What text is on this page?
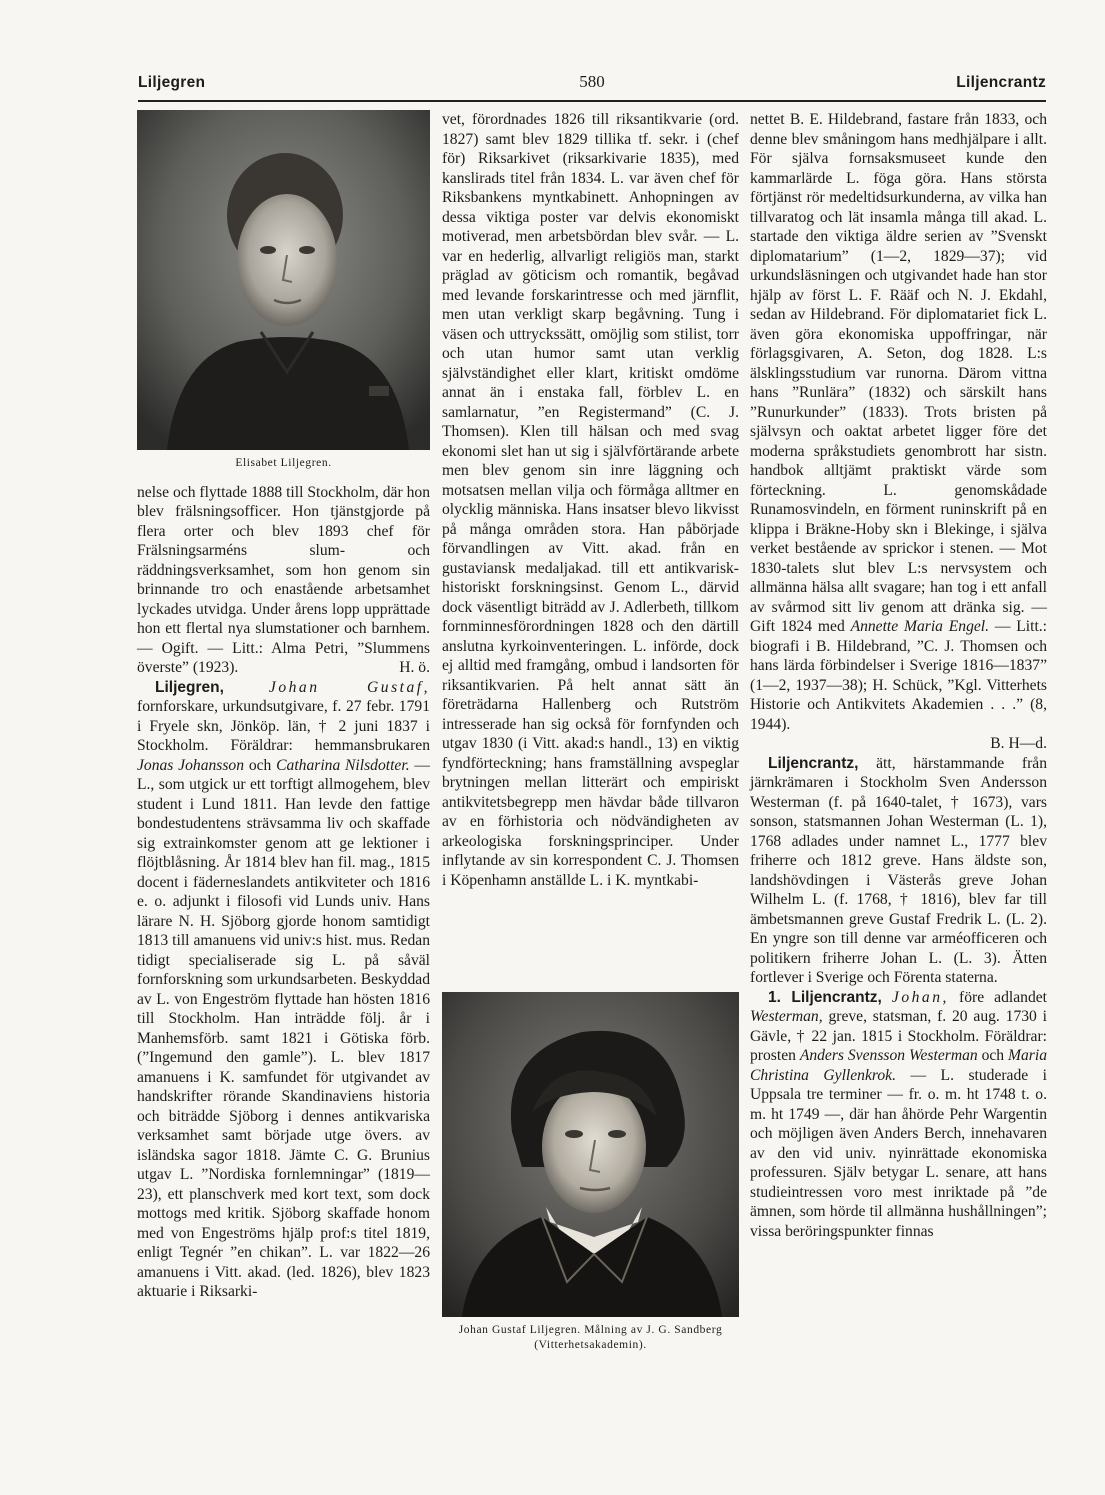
Liljegren	580	Liljencrantz
Elisabet Liljegren.

nelse och flyttade 1888 till Stockholm, där hon blev frälsningsofficer. Hon tjänstgjorde på flera orter och blev 1893 chef för Frälsningsarméns slum- och räddningsverksamhet, som hon genom sin brinnande tro och enastående arbetsamhet lyckades utvidga. Under årens lopp upprättade hon ett flertal nya slumstationer och barnhem. — Ogift. — Litt.: Alma Petri, ”Slummens överste” (1923).	H. ö.

Liljegren,	Johan Gustaf, fornforskare, urkundsutgivare, f. 27 febr. 1791 i Fryele skn, Jönköp. län, † 2 juni 1837 i Stockholm. Föräldrar: hemmansbrukaren Jonas Johansson och Catharina Nilsdotter. — L., som utgick ur ett torftigt allmogehem, blev student i Lund 1811. Han levde den fattige bondestudentens strävsamma liv och skaffade sig extrainkomster genom att ge lektioner i flöjtblåsning. År 1814 blev han fil. mag., 1815 docent i fäderneslandets antikviteter och 1816 e. o. adjunkt i filosofi vid Lunds univ. Hans lärare N. H. Sjöborg gjorde honom samtidigt 1813 till amanuens vid univ:s hist. mus. Redan tidigt specialiserade sig L. på såväl fornforskning som urkundsarbeten. Beskyddad av L. von Engeström flyttade han hösten 1816 till Stockholm. Han inträdde följ. år i Manhemsförb. samt 1821 i Götiska förb. (”Ingemund den gamle”). L. blev 1817 amanuens i K. samfundet för utgivandet av handskrifter rörande Skandinaviens historia och biträdde Sjöborg i dennes antikvariska verksamhet samt började utge övers. av isländska sagor 1818. Jämte C. G. Brunius utgav L. ”Nordiska fornlemningar” (1819—23), ett planschverk med kort text, som dock mottogs med kritik. Sjöborg skaffade honom med von Engeströms hjälp prof:s titel 1819, enligt Tegnér ”en chikan”. L. var 1822—26 amanuens i Vitt. akad. (led. 1826), blev 1823 aktuarie i Riksarki-

vet, förordnades 1826 till riksantikvarie (ord. 1827) samt blev 1829 tillika tf. sekr. i (chef för) Riksarkivet (riksarkivarie 1835), med kanslirads titel från 1834. L. var även chef för Riksbankens myntkabinett. Anhopningen av dessa viktiga poster var delvis ekonomiskt motiverad, men arbetsbördan blev svår. — L. var en hederlig, allvarligt religiös man, starkt präglad av göticism och romantik, begåvad med levande forskarintresse och med järnflit, men utan verkligt skarp begåvning. Tung i väsen och uttryckssätt, omöjlig som stilist, torr och utan humor samt utan verklig självständighet eller klart, kritiskt omdöme annat än i enstaka fall, förblev L. en samlarnatur, ”en Registermand” (C. J. Thomsen). Klen till hälsan och med svag ekonomi slet han ut sig i självförtärande arbete men blev genom sin inre läggning och motsatsen mellan vilja och förmåga alltmer en olycklig människa. Hans insatser blevo likvisst på många områden stora. Han påbörjade förvandlingen av Vitt. akad. från en gustaviansk medaljakad. till ett antikvarisk-historiskt forskningsinst. Genom L., därvid dock väsentligt biträdd av J. Adlerbeth, tillkom fornminnesförordningen 1828 och den därtill anslutna kyrkoinventeringen. L. införde, dock ej alltid med framgång, ombud i landsorten för riksantikvarien. På helt annat sätt än företrädarna Hallenberg och Rutström intresserade han sig också för fornfynden och utgav 1830 (i Vitt. akad:s handl., 13) en viktig fyndförteckning; hans framställning avspeglar brytningen mellan litterärt och empiriskt antikvitetsbegrepp men hävdar både tillvaron av en förhistoria och nödvändigheten av arkeologiska forskningsprinciper. Under inflytande av sin korrespondent C. J. Thomsen i Köpenhamn anställde L. i K. myntkabi-

Johan Gustaf Liljegren. Målning av J. G. Sandberg (Vitterhetsakademin).

nettet B. E. Hildebrand, fastare från 1833, och denne blev småningom hans medhjälpare i allt. För själva fornsaksmuseet kunde den kammarlärde L. föga göra. Hans största förtjänst rör medeltidsurkunderna, av vilka han tillvaratog och lät insamla många till akad. L. startade den viktiga äldre serien av ”Svenskt diplomatarium” (1—2, 1829—37); vid urkundsläsningen och utgivandet hade han stor hjälp av först L. F. Rääf och N. J. Ekdahl, sedan av Hildebrand. För diplomatariet fick L. även göra ekonomiska uppoffringar, när förlagsgivaren, A. Seton, dog 1828. L:s älsklingsstudium var runorna. Därom vittna hans ”Runlära” (1832) och särskilt hans ”Runurkunder” (1833). Trots bristen på självsyn och oaktat arbetet ligger före det moderna språkstudiets genombrott har sistn. handbok alltjämt praktiskt värde som förteckning. L. genomskådade Runamosvindeln, en förment runinskrift på en klippa i Bräkne-Hoby skn i Blekinge, i själva verket bestående av sprickor i stenen. — Mot 1830-talets slut blev L:s nervsystem och allmänna hälsa allt svagare; han tog i ett anfall av svårmod sitt liv genom att dränka sig. — Gift 1824 med Annette Maria Engel. — Litt.: biografi i B. Hildebrand, ”C. J. Thomsen och hans lärda förbindelser i Sverige 1816—1837” (1—2, 1937—38); H. Schück, ”Kgl. Vitterhets Historie och Antikvitets Akademien . . .” (8, 1944).

B. H—d.

Liljencrantz, ätt, härstammande från järnkrämaren i Stockholm Sven Andersson Westerman (f. på 1640-talet, † 1673), vars sonson, statsmannen Johan Westerman (L. 1), 1768 adlades under namnet L., 1777 blev friherre och 1812 greve. Hans äldste son, landshövdingen i Västerås greve Johan Wilhelm L. (f. 1768, † 1816), blev far till ämbetsmannen greve Gustaf Fredrik L. (L. 2). En yngre son till denne var arméofficeren och politikern friherre Johan L. (L. 3). Ätten fortlever i Sverige och Förenta staterna.

1. Liljencrantz, Johan, före adlandet Westerman, greve, statsman, f. 20 aug. 1730 i Gävle, † 22 jan. 1815 i Stockholm. Föräldrar: prosten Anders Svensson Westerman och Maria Christina Gyllenkrok. — L. studerade i Uppsala tre terminer — fr. o. m. ht 1748 t. o. m. ht 1749 —, där han åhörde Pehr Wargentin och möjligen även Anders Berch, innehavaren av den vid univ. nyinrättade ekonomiska professuren. Själv betygar L. senare, att hans studieintressen voro mest inriktade på ”de ämnen, som hörde til allmänna hushållningen”; vissa beröringspunkter finnas
